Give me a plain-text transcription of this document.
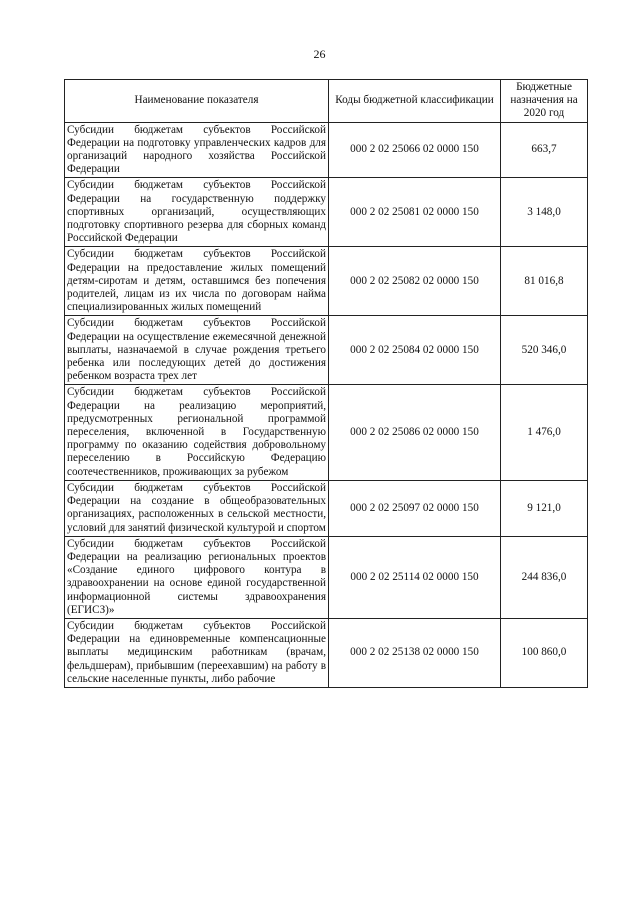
26
Наименование показателя	Коды бюджетной классификации	Бюджетные назначения на 2020 год
Субсидии бюджетам субъектов Российской Федерации на подготовку управленческих кадров для организаций народного хозяйства Российской Федерации	000 2 02 25066 02 0000 150	663,7
Субсидии бюджетам субъектов Российской Федерации на государственную поддержку спортивных организаций, осуществляющих подготовку спортивного резерва для сборных команд Российской Федерации	000 2 02 25081 02 0000 150	3 148,0
Субсидии бюджетам субъектов Российской Федерации на предоставление жилых помещений детям-сиротам и детям, оставшимся без попечения родителей, лицам из их числа по договорам найма специализированных жилых помещений	000 2 02 25082 02 0000 150	81 016,8
Субсидии бюджетам субъектов Российской Федерации на осуществление ежемесячной денежной выплаты, назначаемой в случае рождения третьего ребенка или последующих детей до достижения ребенком возраста трех лет	000 2 02 25084 02 0000 150	520 346,0
Субсидии бюджетам субъектов Российской Федерации на реализацию мероприятий, предусмотренных региональной программой переселения, включенной в Государственную программу по оказанию содействия добровольному переселению в Российскую Федерацию соотечественников, проживающих за рубежом	000 2 02 25086 02 0000 150	1 476,0
Субсидии бюджетам субъектов Российской Федерации на создание в общеобразовательных организациях, расположенных в сельской местности, условий для занятий физической культурой и спортом	000 2 02 25097 02 0000 150	9 121,0
Субсидии бюджетам субъектов Российской Федерации на реализацию региональных проектов «Создание единого цифрового контура в здравоохранении на основе единой государственной информационной системы здравоохранения (ЕГИСЗ)»	000 2 02 25114 02 0000 150	244 836,0
Субсидии бюджетам субъектов Российской Федерации на единовременные компенсационные выплаты медицинским работникам (врачам, фельдшерам), прибывшим (переехавшим) на работу в сельские населенные пункты, либо рабочие	000 2 02 25138 02 0000 150	100 860,0
